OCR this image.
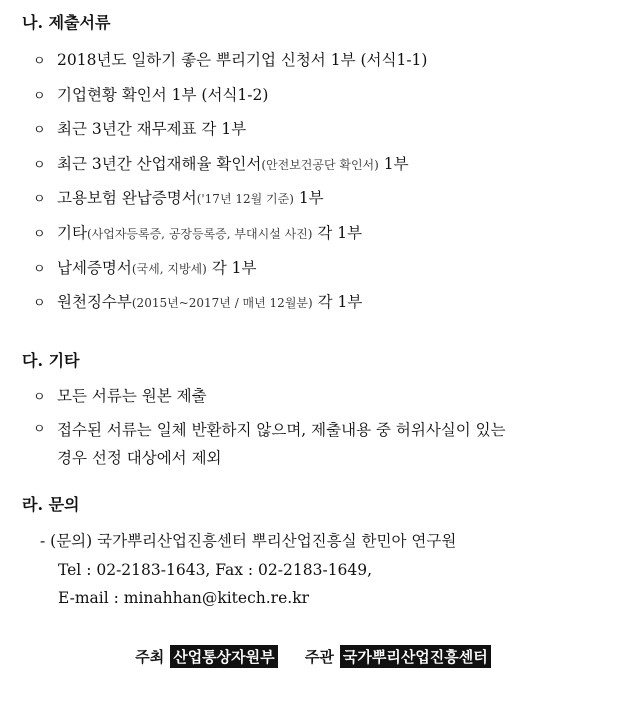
나. 제출서류
ㅇ 2018년도 일하기 좋은 뿌리기업 신청서 1부 (서식1-1)
ㅇ 기업현황 확인서 1부 (서식1-2)
ㅇ 최근 3년간 재무제표 각 1부
ㅇ 최근 3년간 산업재해율 확인서(안전보건공단 확인서) 1부
ㅇ 고용보험 완납증명서('17년 12월 기준) 1부
ㅇ 기타(사업자등록증, 공장등록증, 부대시설 사진) 각 1부
ㅇ 납세증명서(국세, 지방세) 각 1부
ㅇ 원천징수부(2015년~2017년 / 매년 12월분) 각 1부
다. 기타
ㅇ 모든 서류는 원본 제출
ㅇ 접수된 서류는 일체 반환하지 않으며, 제출내용 중 허위사실이 있는
경우 선정 대상에서 제외
라. 문의
- (문의) 국가뿌리산업진흥센터 뿌리산업진흥실 한민아 연구원
Tel : 02-2183-1643, Fax : 02-2183-1649,
E-mail : minahhan@kitech.re.kr
주최 산업통상자원부 주관 국가뿌리산업진흥센터
